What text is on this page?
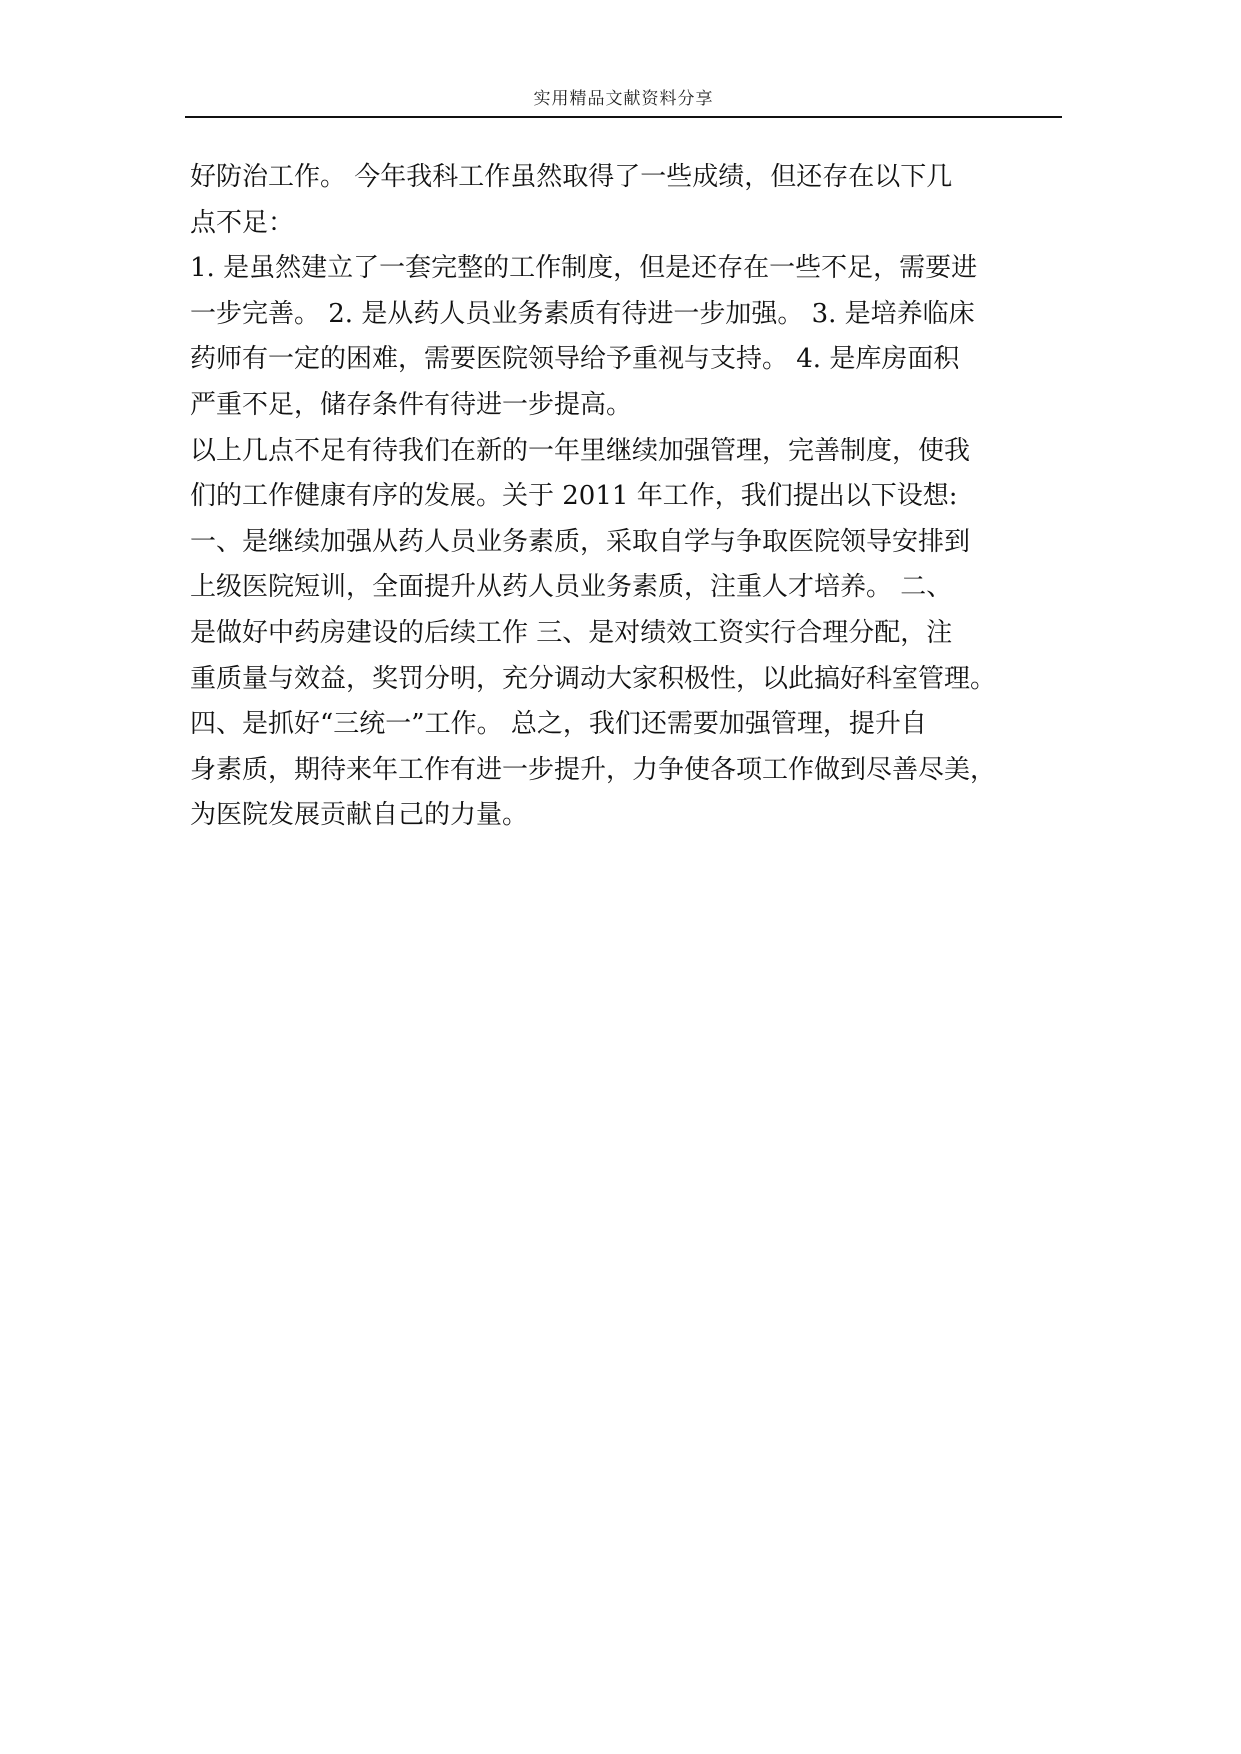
实用精品文献资料分享
好防治工作。 今年我科工作虽然取得了一些成绩，但还存在以下几
点不足：
1. 是虽然建立了一套完整的工作制度，但是还存在一些不足，需要进
一步完善。 2. 是从药人员业务素质有待进一步加强。 3. 是培养临床
药师有一定的困难，需要医院领导给予重视与支持。 4. 是库房面积
严重不足，储存条件有待进一步提高。
以上几点不足有待我们在新的一年里继续加强管理，完善制度，使我
们的工作健康有序的发展。关于 2011 年工作，我们提出以下设想:
一、是继续加强从药人员业务素质，采取自学与争取医院领导安排到
上级医院短训，全面提升从药人员业务素质，注重人才培养。 二、
是做好中药房建设的后续工作 三、是对绩效工资实行合理分配，注
重质量与效益，奖罚分明，充分调动大家积极性，以此搞好科室管理。
四、是抓好“三统一”工作。 总之，我们还需要加强管理，提升自
身素质，期待来年工作有进一步提升，力争使各项工作做到尽善尽美，
为医院发展贡献自己的力量。
